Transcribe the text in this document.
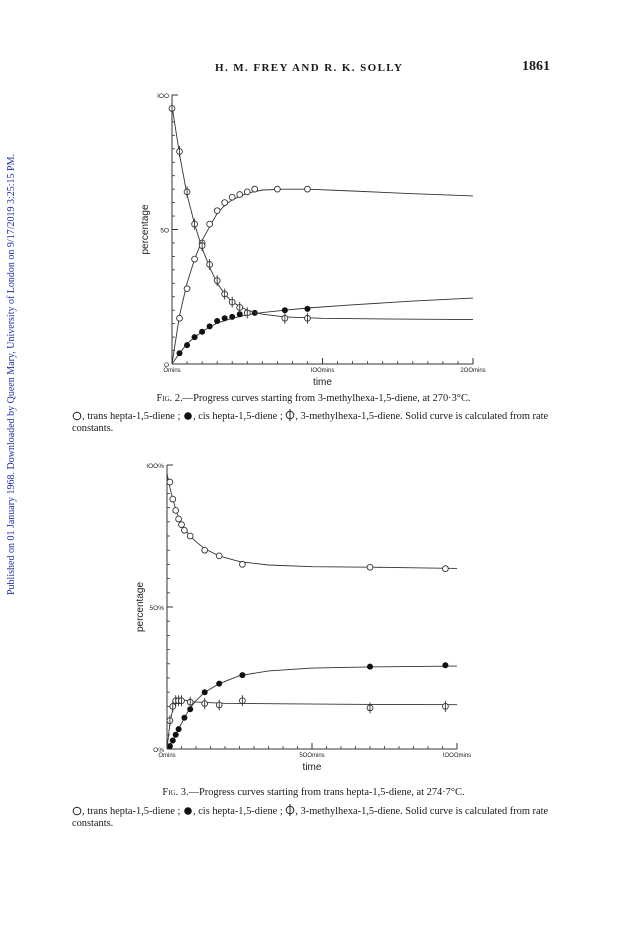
H. M. FREY AND R. K. SOLLY	1861
Published on 01 January 1968. Downloaded by Queen Mary, University of London on 9/17/2019 3:25:15 PM.	O
5O
IOO
Omins	IOOmins	2OOmins
time
percentage
Fig. 2.—Progress curves starting from 3-methylhexa-1,5-diene, at 270·3°C.
, trans hepta-1,5-diene ; , cis hepta-1,5-diene ; , 3-methylhexa-1,5-diene. Solid curve is calculated from rate constants.
O%
5O%
IOO%
Omins	5OOmins	IOOOmins
time
percentage
Fig. 3.—Progress curves starting from trans hepta-1,5-diene, at 274·7°C.
, trans hepta-1,5-diene ; , cis hepta-1,5-diene ; , 3-methylhexa-1,5-diene. Solid curve is calculated from rate constants.
